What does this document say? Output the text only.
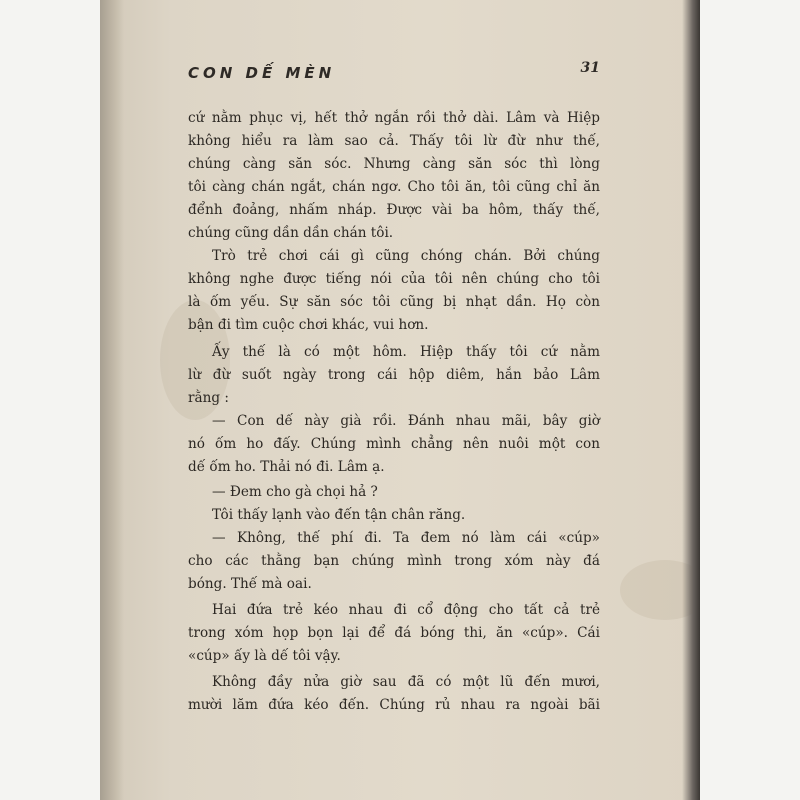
CON DẾ MÈN	31
cứ nằm phục vị, hết thở ngắn rồi thở dài. Lâm và Hiệp
không hiểu ra làm sao cả. Thấy tôi lừ đừ như thế,
chúng càng săn sóc. Nhưng càng săn sóc thì lòng
tôi càng chán ngắt, chán ngơ. Cho tôi ăn, tôi cũng chỉ ăn
đểnh đoảng, nhấm nháp. Được vài ba hôm, thấy thế,
chúng cũng dần dần chán tôi.
Trò trẻ chơi cái gì cũng chóng chán. Bởi chúng
không nghe được tiếng nói của tôi nên chúng cho tôi
là ốm yếu. Sự săn sóc tôi cũng bị nhạt dần. Họ còn
bận đi tìm cuộc chơi khác, vui hơn.
Ấy thế là có một hôm. Hiệp thấy tôi cứ nằm
lừ đừ suốt ngày trong cái hộp diêm, hắn bảo Lâm
rằng :
— Con dế này già rồi. Đánh nhau mãi, bây giờ
nó ốm ho đấy. Chúng mình chẳng nên nuôi một con
dế ốm ho. Thải nó đi. Lâm ạ.
— Đem cho gà chọi hả ?
Tôi thấy lạnh vào đến tận chân răng.
— Không, thế phí đi. Ta đem nó làm cái «cúp»
cho các thằng bạn chúng mình trong xóm này đá
bóng. Thế mà oai.
Hai đứa trẻ kéo nhau đi cổ động cho tất cả trẻ
trong xóm họp bọn lại để đá bóng thi, ăn «cúp». Cái
«cúp» ấy là dế tôi vậy.
Không đầy nửa giờ sau đã có một lũ đến mươi,
mười lăm đứa kéo đến. Chúng rủ nhau ra ngoài bãi
